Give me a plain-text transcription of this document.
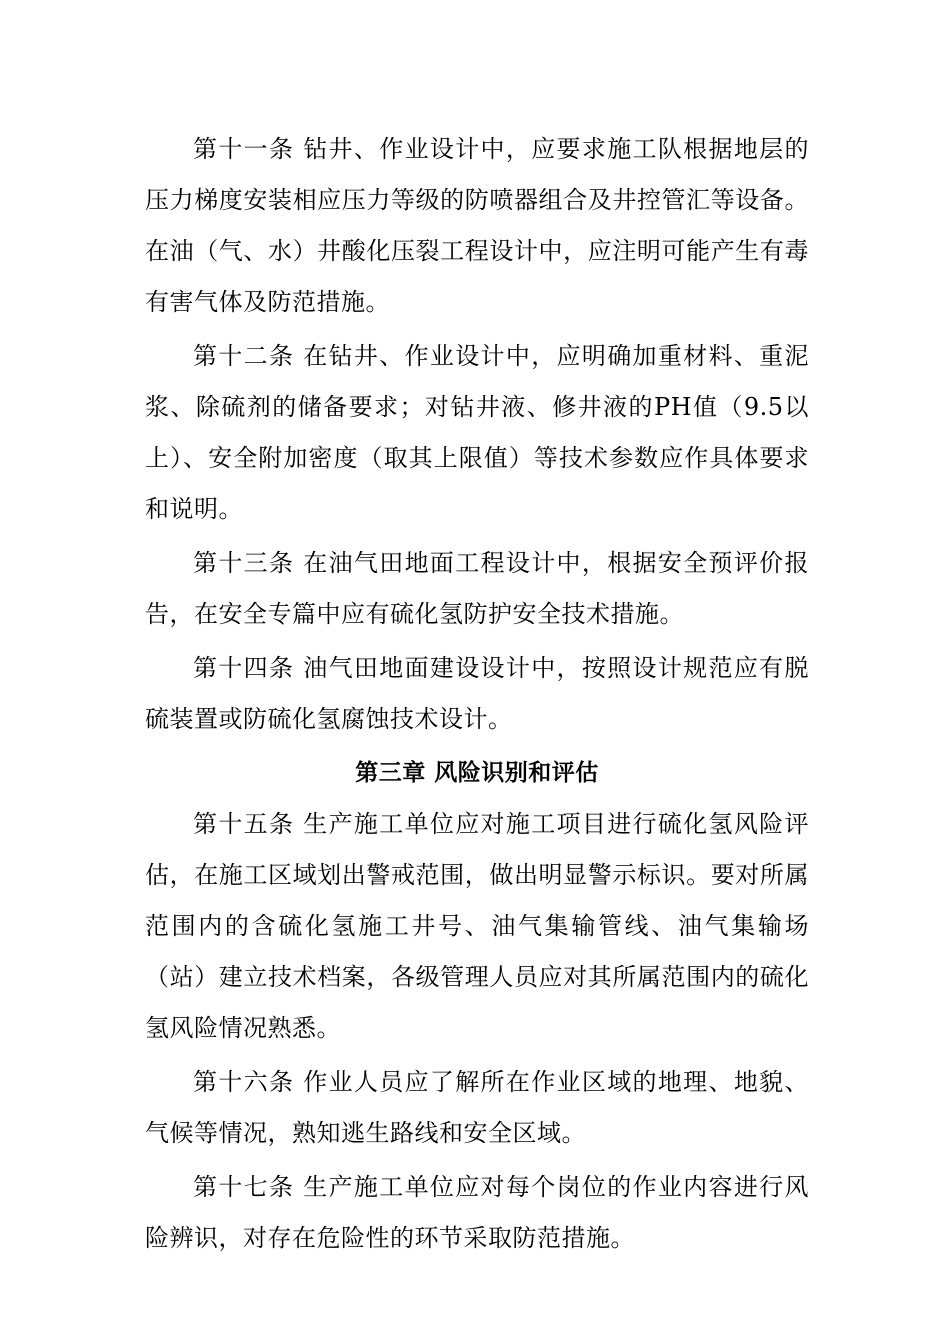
第十一条 钻井、作业设计中，应要求施工队根据地层的压力梯度安装相应压力等级的防喷器组合及井控管汇等设备。在油（气、水）井酸化压裂工程设计中，应注明可能产生有毒有害气体及防范措施。

第十二条 在钻井、作业设计中，应明确加重材料、重泥浆、除硫剂的储备要求；对钻井液、修井液的PH值（9.5以上）、安全附加密度（取其上限值）等技术参数应作具体要求和说明。

第十三条 在油气田地面工程设计中，根据安全预评价报告，在安全专篇中应有硫化氢防护安全技术措施。

第十四条 油气田地面建设设计中，按照设计规范应有脱硫装置或防硫化氢腐蚀技术设计。

第三章 风险识别和评估

第十五条 生产施工单位应对施工项目进行硫化氢风险评估，在施工区域划出警戒范围，做出明显警示标识。要对所属范围内的含硫化氢施工井号、油气集输管线、油气集输场（站）建立技术档案，各级管理人员应对其所属范围内的硫化氢风险情况熟悉。

第十六条 作业人员应了解所在作业区域的地理、地貌、气候等情况，熟知逃生路线和安全区域。

第十七条 生产施工单位应对每个岗位的作业内容进行风险辨识，对存在危险性的环节采取防范措施。
